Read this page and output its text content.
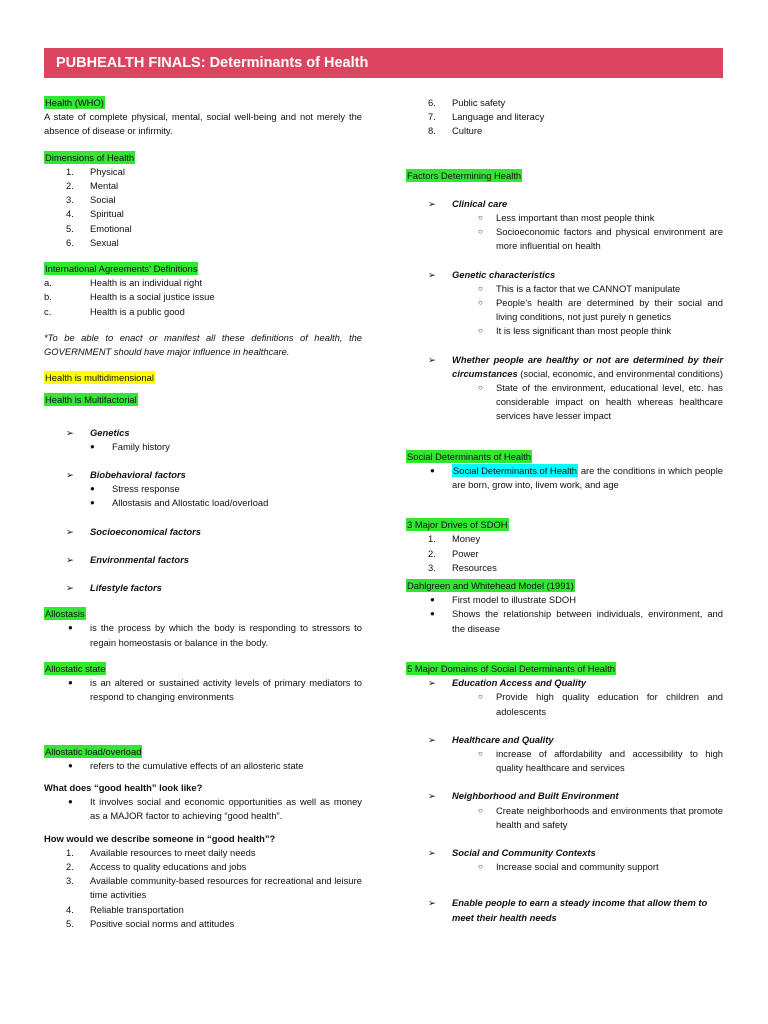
PUBHEALTH FINALS: Determinants of Health
Health (WHO)

A state of complete physical, mental, social well-being and not merely the absence of disease or infirmity.

Dimensions of Health
1. Physical
2. Mental
3. Social
4. Spiritual
5. Emotional
6. Sexual
International Agreements' Definitions
a.	Health is an individual right
b.	Health is a social justice issue
c.	Health is a public good

*To be able to enact or manifest all these definitions of health, the GOVERNMENT should have major influence in healthcare.

Health is multidimensional
Health is Multifactorial
➢ Genetics
● Family history
➢ Biobehavioral factors
● Stress response
● Allostasis and Allostatic load/overload
➢ Socioeconomical factors
➢ Environmental factors
➢ Lifestyle factors
Allostasis
● is the process by which the body is responding to stressors to regain homeostasis or balance in the body.
Allostatic state
● is an altered or sustained activity levels of primary mediators to respond to changing environments
Allostatic load/overload
● refers to the cumulative effects of an allosteric state
What does “good health” look like?
● It involves social and economic opportunities as well as money as a MAJOR factor to achieving “good health”.
How would we describe someone in “good health”?
1. Available resources to meet daily needs
2. Access to quality educations and jobs
3. Available community-based resources for recreational and leisure time activities
4. Reliable transportation
5. Positive social norms and attitudes
6. Public safety
7. Language and literacy
8. Culture
Factors Determining Health
➢ Clinical care
○ Less important than most people think
○ Socioeconomic factors and physical environment are more influential on health
➢ Genetic characteristics
○ This is a factor that we CANNOT manipulate
○ People’s health are determined by their social and living conditions, not just purely n genetics
○ It is less significant than most people think
➢ Whether people are healthy or not are determined by their circumstances (social, economic, and environmental conditions)
○ State of the environment, educational level, etc. has considerable impact on health whereas healthcare services have lesser impact
Social Determinants of Health
● Social Determinants of Health are the conditions in which people are born, grow into, livem work, and age
3 Major Drives of SDOH
1. Money
2. Power
3. Resources
Dahlgreen and Whitehead Model (1991)
● First model to illustrate SDOH
● Shows the relationship between individuals, environment, and the disease
5 Major Domains of Social Determinants of Health
➢ Education Access and Quality
○ Provide high quality education for children and adolescents
➢ Healthcare and Quality
○ increase of affordability and accessibility to high quality healthcare and services
➢ Neighborhood and Built Environment
○ Create neighborhoods and environments that promote health and safety
➢ Social and Community Contexts
○ Increase social and community support
➢ Enable people to earn a steady income that allow them to meet their health needs
